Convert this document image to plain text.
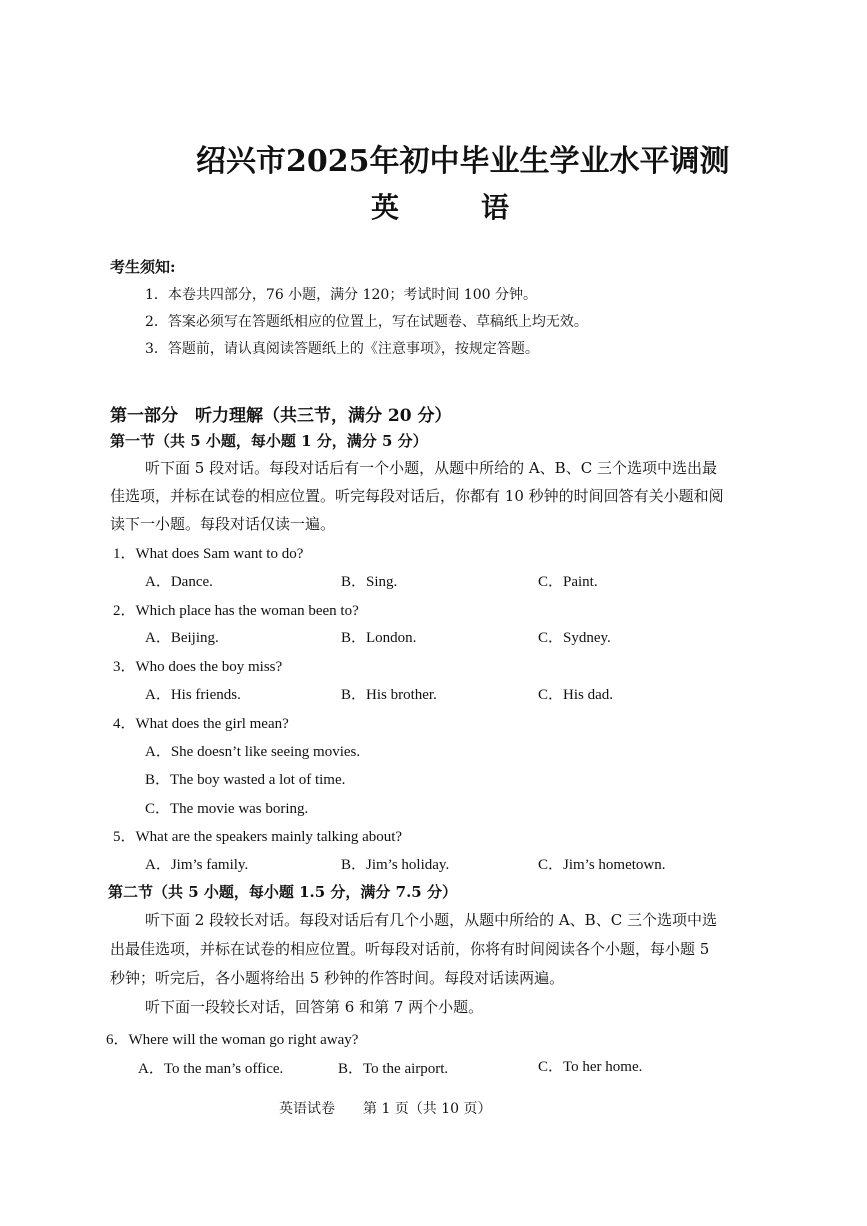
绍兴市2025年初中毕业生学业水平调测
英	语
考生须知:
1．本卷共四部分，76 小题，满分 120；考试时间 100 分钟。
2．答案必须写在答题纸相应的位置上，写在试题卷、草稿纸上均无效。
3．答题前，请认真阅读答题纸上的《注意事项》，按规定答题。
第一部分　听力理解（共三节，满分 20 分）
第一节（共 5 小题，每小题 1 分，满分 5 分）
听下面 5 段对话。每段对话后有一个小题，从题中所给的 A、B、C 三个选项中选出最
佳选项，并标在试卷的相应位置。听完每段对话后，你都有 10 秒钟的时间回答有关小题和阅
读下一小题。每段对话仅读一遍。
1．What does Sam want to do?
A．Dance.	B．Sing.	C．Paint.
2．Which place has the woman been to?
A．Beijing.	B．London.	C．Sydney.
3．Who does the boy miss?
A．His friends.	B．His brother.	C．His dad.
4．What does the girl mean?
A．She doesn’t like seeing movies.
B．The boy wasted a lot of time.
C．The movie was boring.
5．What are the speakers mainly talking about?
A．Jim’s family.	B．Jim’s holiday.	C．Jim’s hometown.
第二节（共 5 小题，每小题 1.5 分，满分 7.5 分）
听下面 2 段较长对话。每段对话后有几个小题，从题中所给的 A、B、C 三个选项中选
出最佳选项，并标在试卷的相应位置。听每段对话前，你将有时间阅读各个小题，每小题 5
秒钟；听完后，各小题将给出 5 秒钟的作答时间。每段对话读两遍。
听下面一段较长对话，回答第 6 和第 7 两个小题。
6．Where will the woman go right away?
A．To the man’s office.	B．To the airport.	C．To her home.
英语试卷 第 1 页（共 10 页）
